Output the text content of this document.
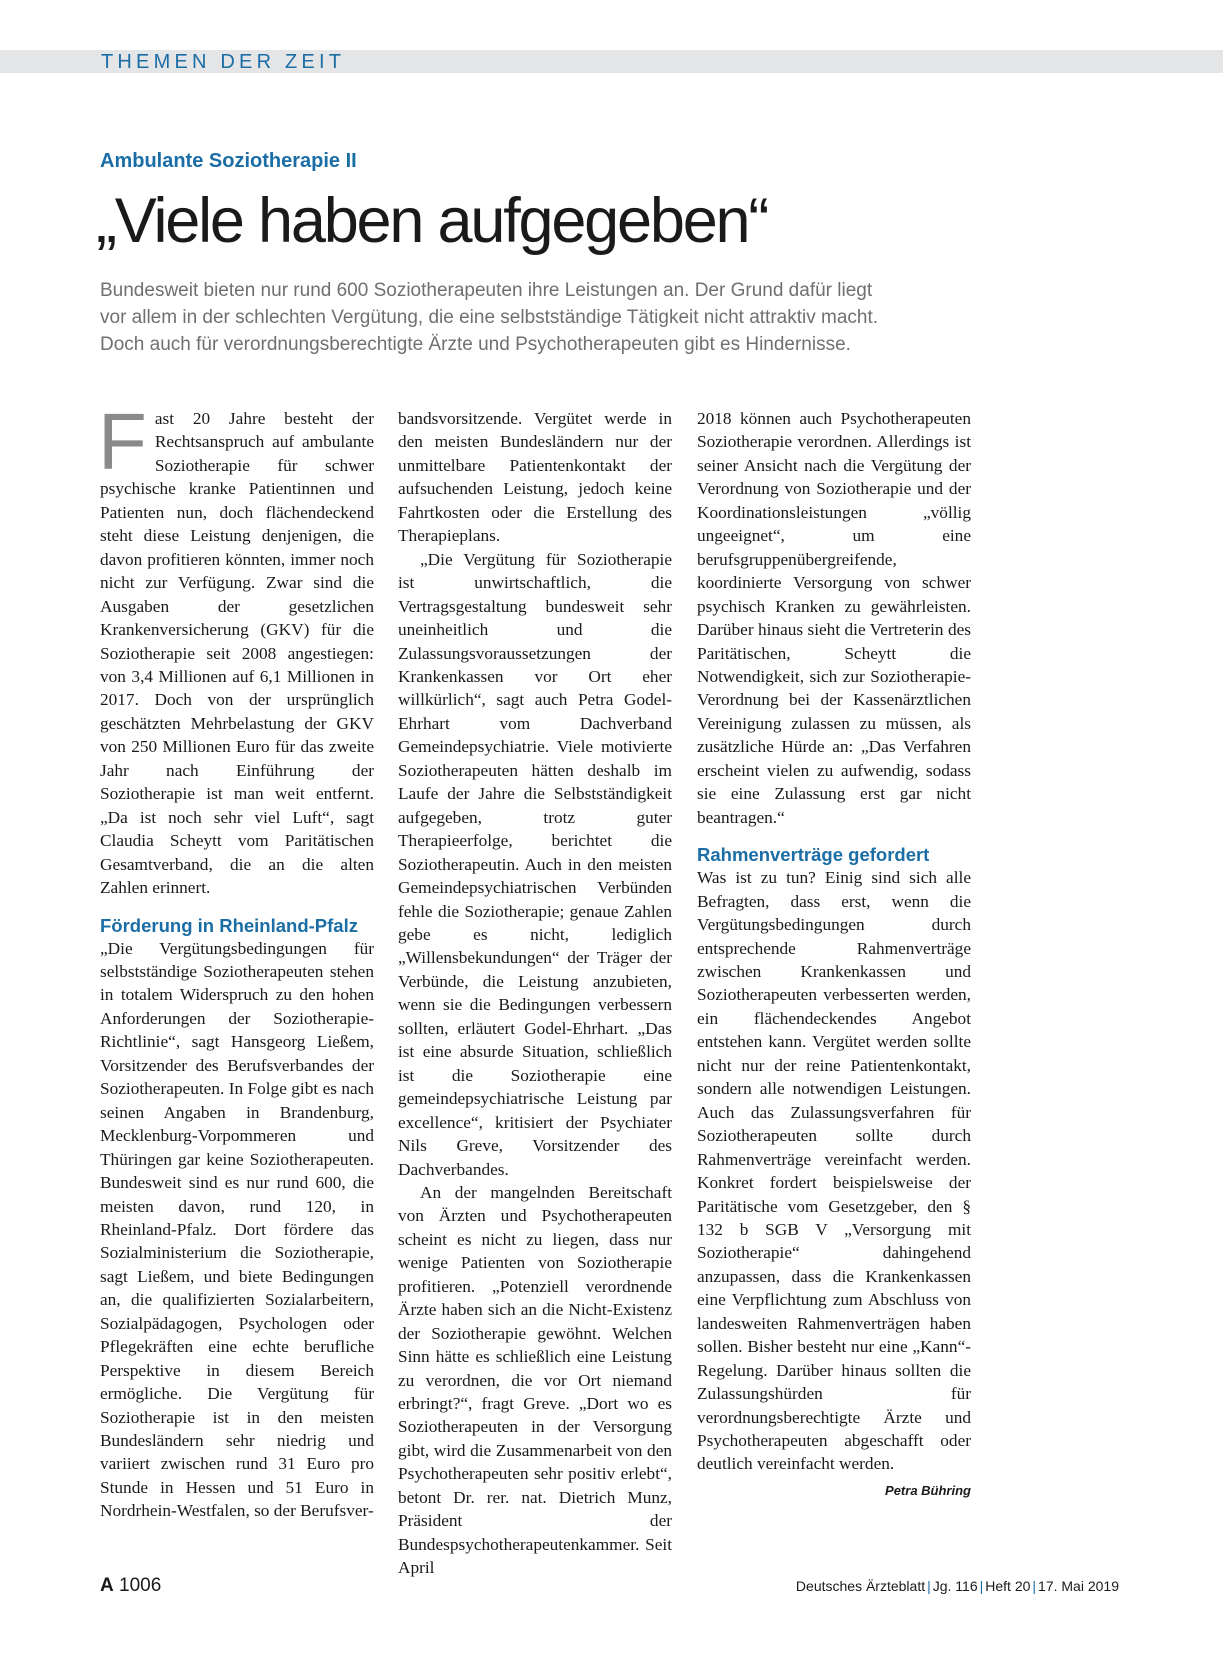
THEMEN DER ZEIT
Ambulante Soziotherapie II
„Viele haben aufgegeben“
Bundesweit bieten nur rund 600 Soziotherapeuten ihre Leistungen an. Der Grund dafür liegt
vor allem in der schlechten Vergütung, die eine selbstständige Tätigkeit nicht attraktiv macht.
Doch auch für verordnungsberechtigte Ärzte und Psychotherapeuten gibt es Hindernisse.
F ast 20 Jahre besteht der Rechtsanspruch auf ambulante Soziotherapie für schwer psychische kranke Patientinnen und Patienten nun, doch flächendeckend steht diese Leistung denjenigen, die davon profitieren könnten, immer noch nicht zur Verfügung. Zwar sind die Ausgaben der gesetzlichen Krankenversicherung (GKV) für die Soziotherapie seit 2008 angestiegen: von 3,4 Millionen auf 6,1 Millionen in 2017. Doch von der ursprünglich geschätzten Mehrbelastung der GKV von 250 Millionen Euro für das zweite Jahr nach Einführung der Soziotherapie ist man weit entfernt. „Da ist noch sehr viel Luft“, sagt Claudia Scheytt vom Paritätischen Gesamtverband, die an die alten Zahlen erinnert.

Förderung in Rheinland-Pfalz

„Die Vergütungsbedingungen für selbstständige Soziotherapeuten stehen in totalem Widerspruch zu den hohen Anforderungen der Soziotherapie-Richtlinie“, sagt Hansgeorg Ließem, Vorsitzender des Berufsverbandes der Soziotherapeuten. In Folge gibt es nach seinen Angaben in Brandenburg, Mecklenburg-Vorpommeren und Thüringen gar keine Soziotherapeuten. Bundesweit sind es nur rund 600, die meisten davon, rund 120, in Rheinland-Pfalz. Dort fördere das Sozialministerium die Soziotherapie, sagt Ließem, und biete Bedingungen an, die qualifizierten Sozialarbeitern, Sozialpädagogen, Psychologen oder Pflegekräften eine echte berufliche Perspektive in diesem Bereich ermögliche. Die Vergütung für Soziotherapie ist in den meisten Bundesländern sehr niedrig und variiert zwischen rund 31 Euro pro Stunde in Hessen und 51 Euro in Nordrhein-Westfalen, so der Berufsver-

bandsvorsitzende. Vergütet werde in den meisten Bundesländern nur der unmittelbare Patientenkontakt der aufsuchenden Leistung, jedoch keine Fahrtkosten oder die Erstellung des Therapieplans.

„Die Vergütung für Soziotherapie ist unwirtschaftlich, die Vertragsgestaltung bundesweit sehr uneinheitlich und die Zulassungsvoraussetzungen der Krankenkassen vor Ort eher willkürlich“, sagt auch Petra Godel-Ehrhart vom Dachverband Gemeindepsychiatrie. Viele motivierte Soziotherapeuten hätten deshalb im Laufe der Jahre die Selbstständigkeit aufgegeben, trotz guter Therapieerfolge, berichtet die Soziotherapeutin. Auch in den meisten Gemeindepsychiatrischen Verbünden fehle die Soziotherapie; genaue Zahlen gebe es nicht, lediglich „Willensbekundungen“ der Träger der Verbünde, die Leistung anzubieten, wenn sie die Bedingungen verbessern sollten, erläutert Godel-Ehrhart. „Das ist eine absurde Situation, schließlich ist die Soziotherapie eine gemeindepsychiatrische Leistung par excellence“, kritisiert der Psychiater Nils Greve, Vorsitzender des Dachverbandes.

An der mangelnden Bereitschaft von Ärzten und Psychotherapeuten scheint es nicht zu liegen, dass nur wenige Patienten von Soziotherapie profitieren. „Potenziell verordnende Ärzte haben sich an die Nicht-Existenz der Soziotherapie gewöhnt. Welchen Sinn hätte es schließlich eine Leistung zu verordnen, die vor Ort niemand erbringt?“, fragt Greve. „Dort wo es Soziotherapeuten in der Versorgung gibt, wird die Zusammenarbeit von den Psychotherapeuten sehr positiv erlebt“, betont Dr. rer. nat. Dietrich Munz, Präsident der Bundespsychotherapeutenkammer. Seit April

2018 können auch Psychotherapeuten Soziotherapie verordnen. Allerdings ist seiner Ansicht nach die Vergütung der Verordnung von Soziotherapie und der Koordinationsleistungen „völlig ungeeignet“, um eine berufsgruppenübergreifende, koordinierte Versorgung von schwer psychisch Kranken zu gewährleisten. Darüber hinaus sieht die Vertreterin des Paritätischen, Scheytt die Notwendigkeit, sich zur Soziotherapie-Verordnung bei der Kassenärztlichen Vereinigung zulassen zu müssen, als zusätzliche Hürde an: „Das Verfahren erscheint vielen zu aufwendig, sodass sie eine Zulassung erst gar nicht beantragen.“

Rahmenverträge gefordert

Was ist zu tun? Einig sind sich alle Befragten, dass erst, wenn die Vergütungsbedingungen durch entsprechende Rahmenverträge zwischen Krankenkassen und Soziotherapeuten verbesserten werden, ein flächendeckendes Angebot entstehen kann. Vergütet werden sollte nicht nur der reine Patientenkontakt, sondern alle notwendigen Leistungen. Auch das Zulassungsverfahren für Soziotherapeuten sollte durch Rahmenverträge vereinfacht werden. Konkret fordert beispielsweise der Paritätische vom Gesetzgeber, den § 132 b SGB V „Versorgung mit Soziotherapie“ dahingehend anzupassen, dass die Krankenkassen eine Verpflichtung zum Abschluss von landesweiten Rahmenverträgen haben sollen. Bisher besteht nur eine „Kann“-Regelung. Darüber hinaus sollten die Zulassungshürden für verordnungsberechtigte Ärzte und Psychotherapeuten abgeschafft oder deutlich vereinfacht werden.
Petra Bühring

A 1006	Deutsches Ärzteblatt | Jg. 116 | Heft 20 | 17. Mai 2019
